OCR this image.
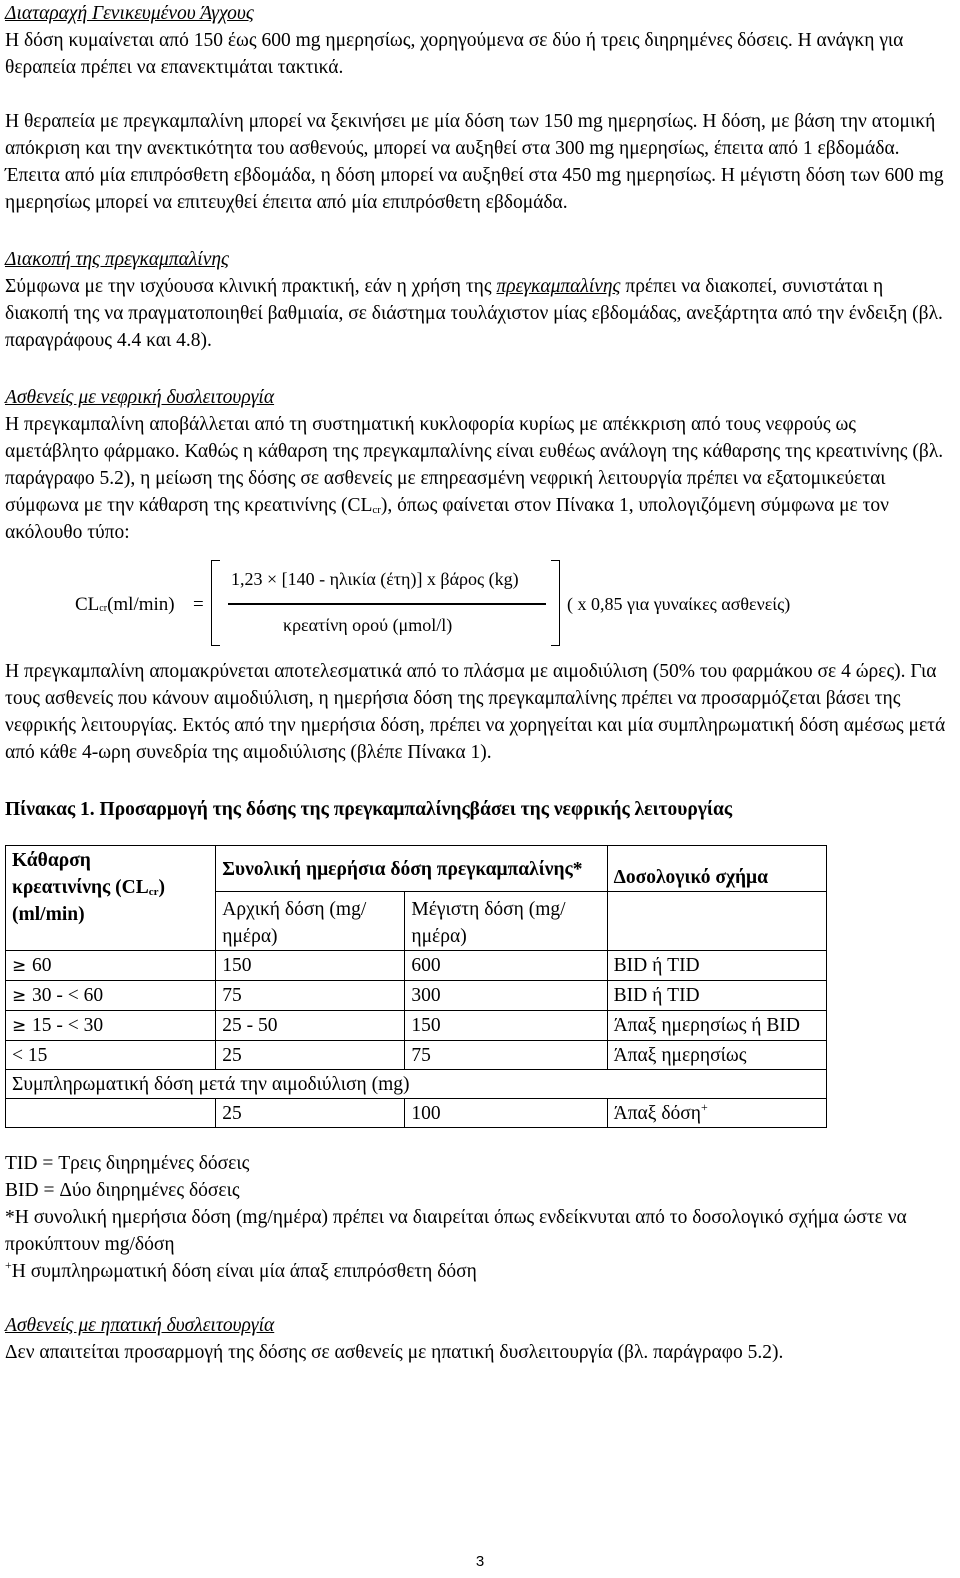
Διαταραχή Γενικευμένου Άγχους

Η δόση κυμαίνεται από 150 έως 600 mg ημερησίως, χορηγούμενα σε δύο ή τρεις διηρημένες δόσεις. Η ανάγκη για θεραπεία πρέπει να επανεκτιμάται τακτικά.

Η θεραπεία με πρεγκαμπαλίνη μπορεί να ξεκινήσει με μία δόση των 150 mg ημερησίως. Η δόση, με βάση την ατομική απόκριση και την ανεκτικότητα του ασθενούς, μπορεί να αυξηθεί στα 300 mg ημερησίως, έπειτα από 1 εβδομάδα. Έπειτα από μία επιπρόσθετη εβδομάδα, η δόση μπορεί να αυξηθεί στα 450 mg ημερησίως. Η μέγιστη δόση των 600 mg ημερησίως μπορεί να επιτευχθεί έπειτα από μία επιπρόσθετη εβδομάδα.

Διακοπή της πρεγκαμπαλίνης

Σύμφωνα με την ισχύουσα κλινική πρακτική, εάν η χρήση της πρεγκαμπαλίνης πρέπει να διακοπεί, συνιστάται η διακοπή της να πραγματοποιηθεί βαθμιαία, σε διάστημα τουλάχιστον μίας εβδομάδας, ανεξάρτητα από την ένδειξη (βλ. παραγράφους 4.4 και 4.8).

Ασθενείς με νεφρική δυσλειτουργία

Η πρεγκαμπαλίνη αποβάλλεται από τη συστηματική κυκλοφορία κυρίως με απέκκριση από τους νεφρούς ως αμετάβλητο φάρμακο. Καθώς η κάθαρση της πρεγκαμπαλίνης είναι ευθέως ανάλογη της κάθαρσης της κρεατινίνης (βλ. παράγραφο 5.2), η μείωση της δόσης σε ασθενείς με επηρεασμένη νεφρική λειτουργία πρέπει να εξατομικεύεται σύμφωνα με την κάθαρση της κρεατινίνης $(CL_{cr})$, όπως φαίνεται στον Πίνακα 1, υπολογιζόμενη σύμφωνα με τον ακόλουθο τύπο:

$CL_{cr}(ml/\min)$ =
1,23 × [140 - ηλικία (έτη)] x βάρος (kg)
κρεατίνη ορού (μmol/l)
( x 0,85 για γυναίκες ασθενείς)

Η πρεγκαμπαλίνη απομακρύνεται αποτελεσματικά από το πλάσμα με αιμοδιύλιση (50% του φαρμάκου σε 4 ώρες). Για τους ασθενείς που κάνουν αιμοδιύλιση, η ημερήσια δόση της πρεγκαμπαλίνης πρέπει να προσαρμόζεται βάσει της νεφρικής λειτουργίας. Εκτός από την ημερήσια δόση, πρέπει να χορηγείται και μία συμπληρωματική δόση αμέσως μετά από κάθε 4-ωρη συνεδρία της αιμοδιύλισης (βλέπε Πίνακα 1).

Πίνακας 1. Προσαρμογή της δόσης της πρεγκαμπαλίνηςβάσει της νεφρικής λειτουργίας

Κάθαρση
κρεατινίνης $(CL_{cr})$
(ml/min)	Συνολική ημερήσια δόση πρεγκαμπαλίνης*		Δοσολογικό σχήμα
	Αρχική δόση (mg/ημέρα)	Μέγιστη δόση (mg/ημέρα)	
≥ 60	150	600	BID ή TID
≥ 30 - < 60	75	300	BID ή TID
≥ 15 - < 30	25 - 50	150	Άπαξ ημερησίως ή BID
< 15	25	75	Άπαξ ημερησίως
Συμπληρωματική δόση μετά την αιμοδιύλιση (mg)			
	25	100	Άπαξ δόση+

TID = Τρεις διηρημένες δόσεις

BID = Δύο διηρημένες δόσεις

*Η συνολική ημερήσια δόση (mg/ημέρα) πρέπει να διαιρείται όπως ενδείκνυται από το δοσολογικό σχήμα ώστε να προκύπτουν mg/δόση

+Η συμπληρωματική δόση είναι μία άπαξ επιπρόσθετη δόση

Ασθενείς με ηπατική δυσλειτουργία

Δεν απαιτείται προσαρμογή της δόσης σε ασθενείς με ηπατική δυσλειτουργία (βλ. παράγραφο 5.2).

3
